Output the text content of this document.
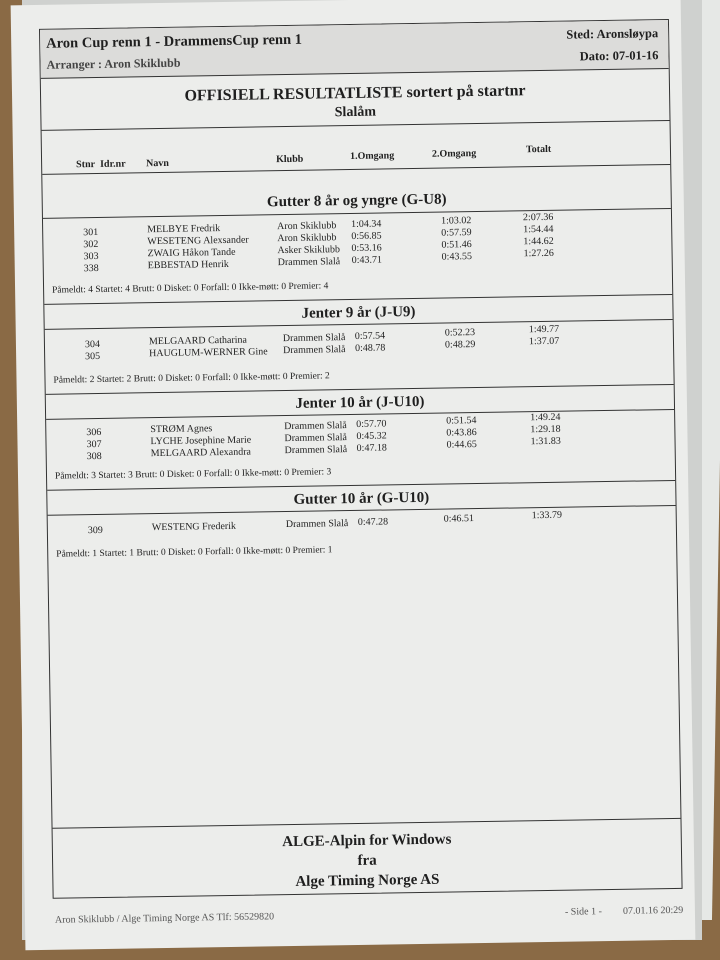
Aron Cup renn 1 - DrammensCup renn 1
Arranger : Aron Skiklubb
Sted: Aronsløypa
Dato: 07-01-16
OFFISIELL RESULTATLISTE sortert på startnr
Slalåm
Stnr Idr.nr Navn	Klubb	1.Omgang	2.Omgang	Totalt
Gutter 8 år og yngre (G-U8)
301	MELBYE Fredrik	Aron Skiklubb 1:04.34	1:03.02	2:07.36
302	WESETENG Alexsander	Aron Skiklubb 0:56.85	0:57.59	1:54.44
303	ZWAIG Håkon Tande	Asker Skiklubb 0:53.16	0:51.46	1:44.62
338	EBBESTAD Henrik	Drammen Slalå 0:43.71	0:43.55	1:27.26
Påmeldt: 4 Startet: 4 Brutt: 0 Disket: 0 Forfall: 0 Ikke-møtt: 0 Premier: 4
Jenter 9 år (J-U9)
304	MELGAARD Catharina	Drammen Slalå 0:57.54	0:52.23	1:49.77
305	HAUGLUM-WERNER Gine Drammen Slalå 0:48.78	0:48.29	1:37.07
Påmeldt: 2 Startet: 2 Brutt: 0 Disket: 0 Forfall: 0 Ikke-møtt: 0 Premier: 2
Jenter 10 år (J-U10)
306	STRØM Agnes	Drammen Slalå 0:57.70	0:51.54	1:49.24
307	LYCHE Josephine Marie	Drammen Slalå 0:45.32	0:43.86	1:29.18
308	MELGAARD Alexandra	Drammen Slalå 0:47.18	0:44.65	1:31.83
Påmeldt: 3 Startet: 3 Brutt: 0 Disket: 0 Forfall: 0 Ikke-møtt: 0 Premier: 3
Gutter 10 år (G-U10)
309	WESTENG Frederik	Drammen Slalå 0:47.28	0:46.51	1:33.79
Påmeldt: 1 Startet: 1 Brutt: 0 Disket: 0 Forfall: 0 Ikke-møtt: 0 Premier: 1
ALGE-Alpin for Windows
fra
Alge Timing Norge AS
Aron Skiklubb / Alge Timing Norge AS Tlf: 56529820	- Side 1 - 07.01.16 20:29
